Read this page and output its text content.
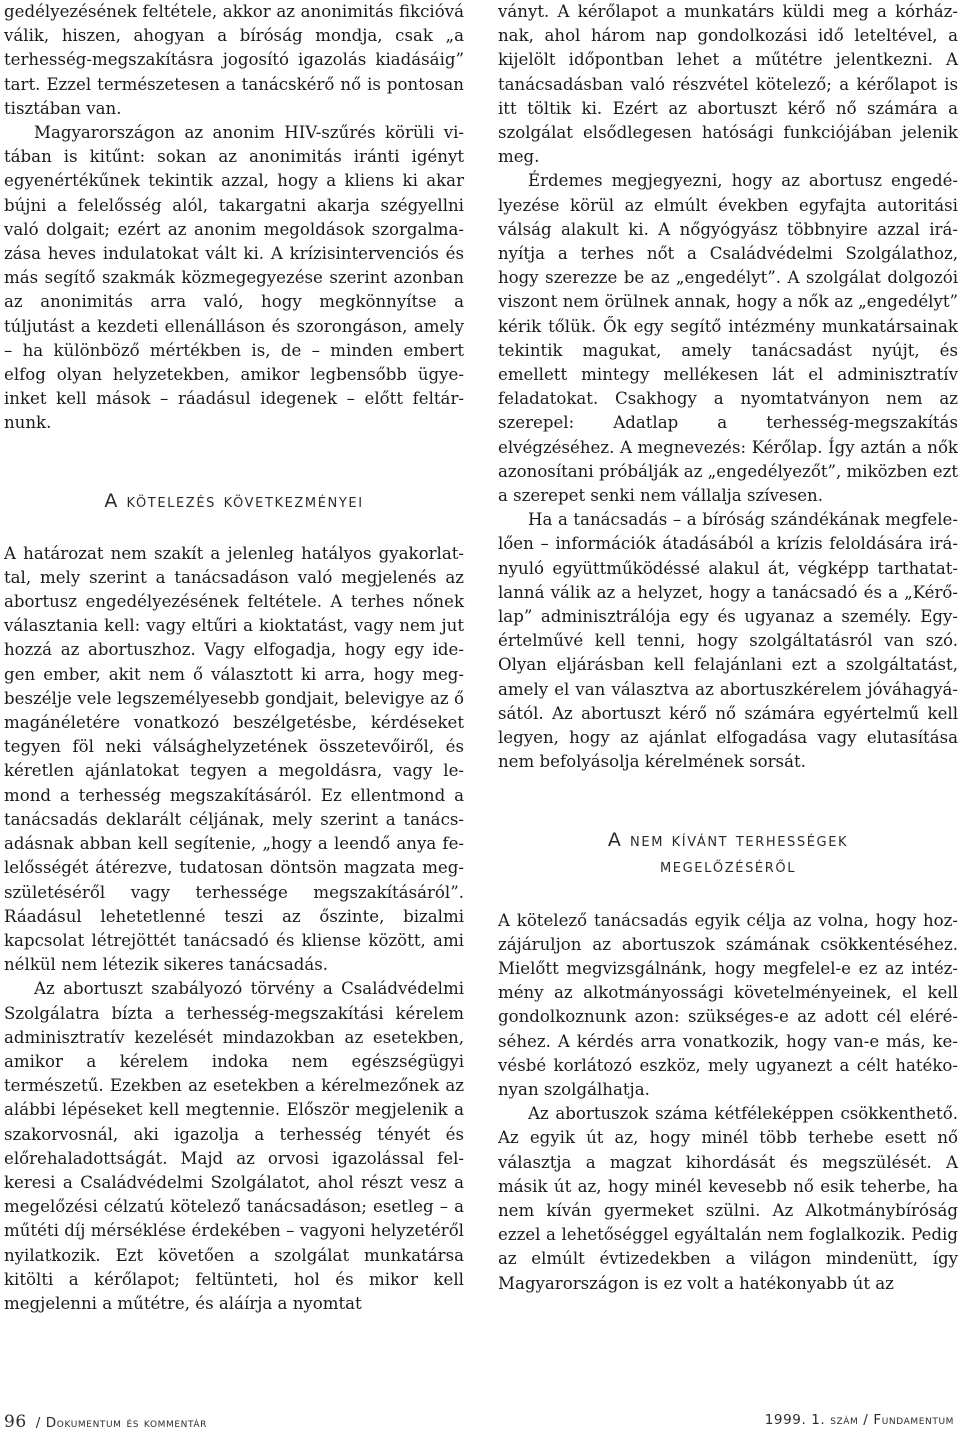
gedélyezésének feltétele, akkor az anonimitás fikcióvá válik, hiszen, ahogyan a bíróság mondja, csak „a terhesség-megszakításra jogosító igazolás kiadásáig” tart. Ezzel természetesen a tanácskérő nő is pontosan tisztában van.

Magyarországon az anonim HIV-szűrés körüli vitában is kitűnt: sokan az anonimitás iránti igényt egyenértékűnek tekintik azzal, hogy a kliens ki akar bújni a felelősség alól, takargatni akarja szégyellni való dolgait; ezért az anonim megoldások szorgalmazása heves indulatokat vált ki. A krízisintervenciós és más segítő szakmák közmegegyezése szerint azonban az anonimitás arra való, hogy megkönnyítse a túljutást a kezdeti ellenálláson és szorongáson, amely – ha különböző mértékben is, de – minden embert elfog olyan helyzetekben, amikor legbensőbb ügyeinket kell mások – ráadásul idegenek – előtt feltárnunk.

A kötelezés következményei

A határozat nem szakít a jelenleg hatályos gyakorlattal, mely szerint a tanácsadáson való megjelenés az abortusz engedélyezésének feltétele. A terhes nőnek választania kell: vagy eltűri a kioktatást, vagy nem jut hozzá az abortuszhoz. Vagy elfogadja, hogy egy idegen ember, akit nem ő választott ki arra, hogy megbeszélje vele legszemélyesebb gondjait, belevigye az ő magánéletére vonatkozó beszélgetésbe, kérdéseket tegyen föl neki válsághelyzetének összetevőiről, és kéretlen ajánlatokat tegyen a megoldásra, vagy lemond a terhesség megszakításáról. Ez ellentmond a tanácsadás deklarált céljának, mely szerint a tanácsadásnak abban kell segítenie, „hogy a leendő anya felelősségét átérezve, tudatosan döntsön magzata megszületéséről vagy terhessége megszakításáról”. Ráadásul lehetetlenné teszi az őszinte, bizalmi kapcsolat létrejöttét tanácsadó és kliense között, ami nélkül nem létezik sikeres tanácsadás.

Az abortuszt szabályozó törvény a Családvédelmi Szolgálatra bízta a terhesség-megszakítási kérelem adminisztratív kezelését mindazokban az esetekben, amikor a kérelem indoka nem egészségügyi természetű. Ezekben az esetekben a kérelmezőnek az alábbi lépéseket kell megtennie. Először megjelenik a szakorvosnál, aki igazolja a terhesség tényét és előrehaladottságát. Majd az orvosi igazolással felkeresi a Családvédelmi Szolgálatot, ahol részt vesz a megelőzési célzatú kötelező tanácsadáson; esetleg – a műtéti díj mérséklése érdekében – vagyoni helyzetéről nyilatkozik. Ezt követően a szolgálat munkatársa kitölti a kérőlapot; feltünteti, hol és mikor kell megjelenni a műtétre, és aláírja a nyomtat

ványt. A kérőlapot a munkatárs küldi meg a kórháznak, ahol három nap gondolkozási idő leteltével, a kijelölt időpontban lehet a műtétre jelentkezni. A tanácsadásban való részvétel kötelező; a kérőlapot is itt töltik ki. Ezért az abortuszt kérő nő számára a szolgálat elsődlegesen hatósági funkciójában jelenik meg.

Érdemes megjegyezni, hogy az abortusz engedélyezése körül az elmúlt években egyfajta autoritási válság alakult ki. A nőgyógyász többnyire azzal irányítja a terhes nőt a Családvédelmi Szolgálathoz, hogy szerezze be az „engedélyt”. A szolgálat dolgozói viszont nem örülnek annak, hogy a nők az „engedélyt” kérik tőlük. Ők egy segítő intézmény munkatársainak tekintik magukat, amely tanácsadást nyújt, és emellett mintegy mellékesen lát el adminisztratív feladatokat. Csakhogy a nyomtatványon nem az szerepel: Adatlap a terhesség-megszakítás elvégzéséhez. A megnevezés: Kérőlap. Így aztán a nők azonosítani próbálják az „engedélyezőt”, miközben ezt a szerepet senki nem vállalja szívesen.

Ha a tanácsadás – a bíróság szándékának megfelelően – információk átadásából a krízis feloldására irányuló együttműködéssé alakul át, végképp tarthatatlanná válik az a helyzet, hogy a tanácsadó és a „Kérőlap” adminisztrálója egy és ugyanaz a személy. Egyértelművé kell tenni, hogy szolgáltatásról van szó. Olyan eljárásban kell felajánlani ezt a szolgáltatást, amely el van választva az abortuszkérelem jóváhagyásától. Az abortuszt kérő nő számára egyértelmű kell legyen, hogy az ajánlat elfogadása vagy elutasítása nem befolyásolja kérelmének sorsát.

A nem kívánt terhességek
megelőzéséről

A kötelező tanácsadás egyik célja az volna, hogy hozzájáruljon az abortuszok számának csökkentéséhez. Mielőtt megvizsgálnánk, hogy megfelel-e ez az intézmény az alkotmányossági követelményeinek, el kell gondolkoznunk azon: szükséges-e az adott cél eléréséhez. A kérdés arra vonatkozik, hogy van-e más, kevésbé korlátozó eszköz, mely ugyanezt a célt hatékonyan szolgálhatja.

Az abortuszok száma kétféleképpen csökkenthető. Az egyik út az, hogy minél több terhebe esett nő választja a magzat kihordását és megszülését. A másik út az, hogy minél kevesebb nő esik teherbe, ha nem kíván gyermeket szülni. Az Alkotmánybíróság ezzel a lehetőséggel egyáltalán nem foglalkozik. Pedig az elmúlt évtizedekben a világon mindenütt, így Magyarországon is ez volt a hatékonyabb út az

96 / Dokumentum és kommentár	1999. 1. szám / Fundamentum
